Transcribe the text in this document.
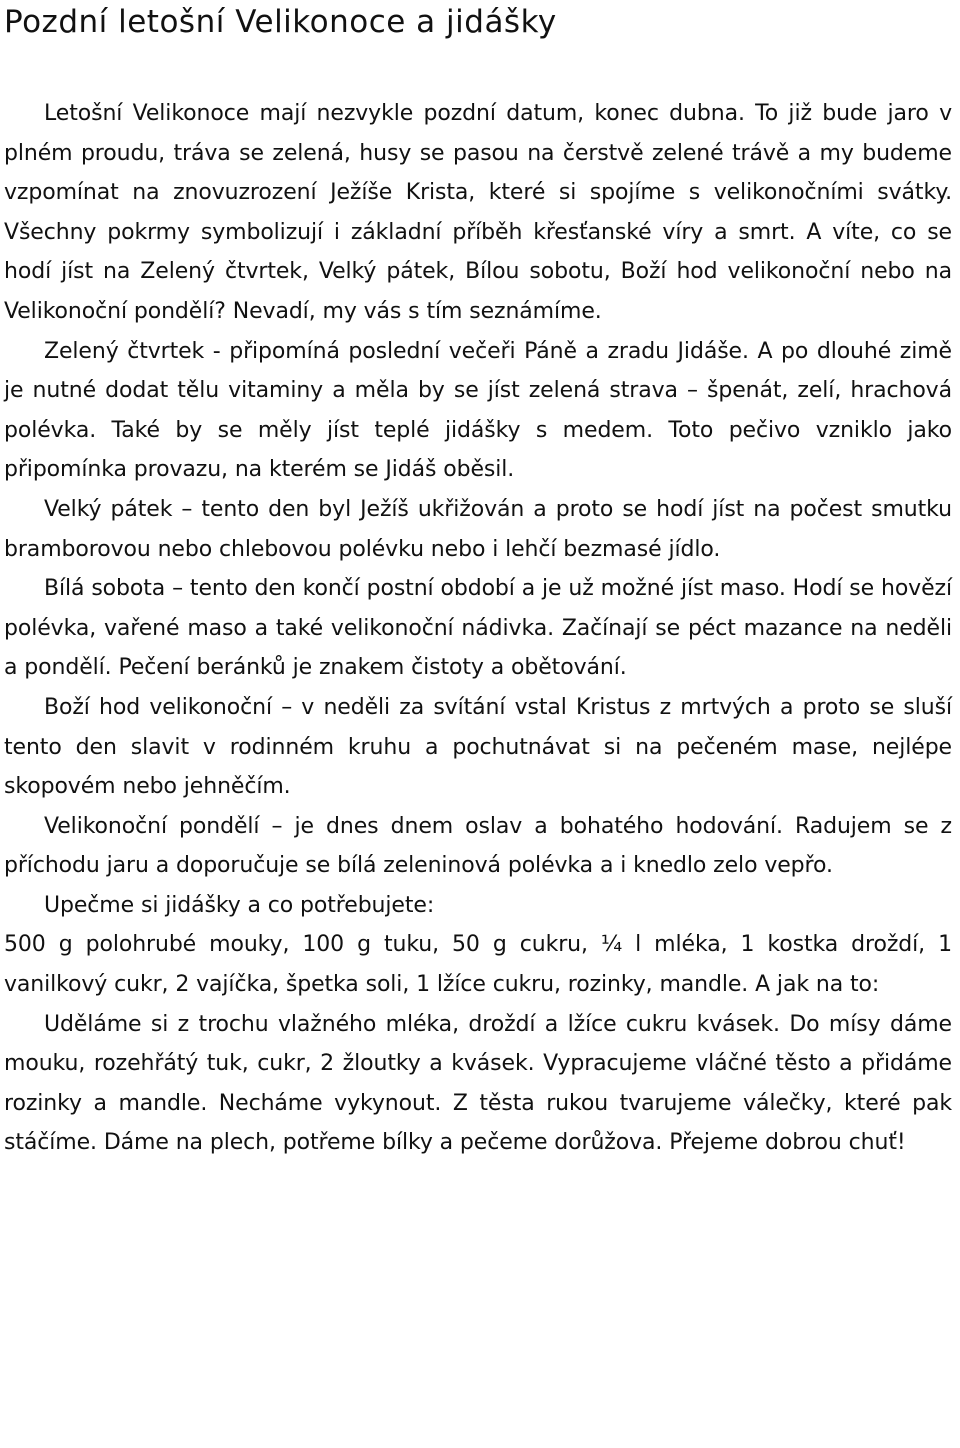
Pozdní letošní Velikonoce a jidášky

Letošní Velikonoce mají nezvykle pozdní datum, konec dubna. To již bude jaro v plném proudu, tráva se zelená, husy se pasou na čerstvě zelené trávě a my budeme vzpomínat na znovuzrození Ježíše Krista, které si spojíme s velikonočními svátky. Všechny pokrmy symbolizují i základní příběh křesťanské víry a smrt. A víte, co se hodí jíst na Zelený čtvrtek, Velký pátek, Bílou sobotu, Boží hod velikonoční nebo na Velikonoční pondělí? Nevadí, my vás s tím seznámíme.

Zelený čtvrtek - připomíná poslední večeři Páně a zradu Jidáše. A po dlouhé zimě je nutné dodat tělu vitaminy a měla by se jíst zelená strava – špenát, zelí, hrachová polévka. Také by se měly jíst teplé jidášky s medem. Toto pečivo vzniklo jako připomínka provazu, na kterém se Jidáš oběsil.

Velký pátek – tento den byl Ježíš ukřižován a proto se hodí jíst na počest smutku bramborovou nebo chlebovou polévku nebo i lehčí bezmasé jídlo.

Bílá sobota – tento den končí postní období a je už možné jíst maso. Hodí se hovězí polévka, vařené maso a také velikonoční nádivka. Začínají se péct mazance na neděli a pondělí. Pečení beránků je znakem čistoty a obětování.

Boží hod velikonoční – v neděli za svítání vstal Kristus z mrtvých a proto se sluší tento den slavit v rodinném kruhu a pochutnávat si na pečeném mase, nejlépe skopovém nebo jehněčím.

Velikonoční pondělí – je dnes dnem oslav a bohatého hodování. Radujem se z příchodu jaru a doporučuje se bílá zeleninová polévka a i knedlo zelo vepřo.

Upečme si jidášky a co potřebujete:

500 g polohrubé mouky, 100 g tuku, 50 g cukru, ¼ l mléka, 1 kostka droždí, 1 vanilkový cukr, 2 vajíčka, špetka soli, 1 lžíce cukru, rozinky, mandle. A jak na to:

Uděláme si z trochu vlažného mléka, droždí a lžíce cukru kvásek. Do mísy dáme mouku, rozehřátý tuk, cukr, 2 žloutky a kvásek. Vypracujeme vláčné těsto a přidáme rozinky a mandle. Necháme vykynout. Z těsta rukou tvarujeme válečky, které pak stáčíme. Dáme na plech, potřeme bílky a pečeme dorůžova. Přejeme dobrou chuť!
